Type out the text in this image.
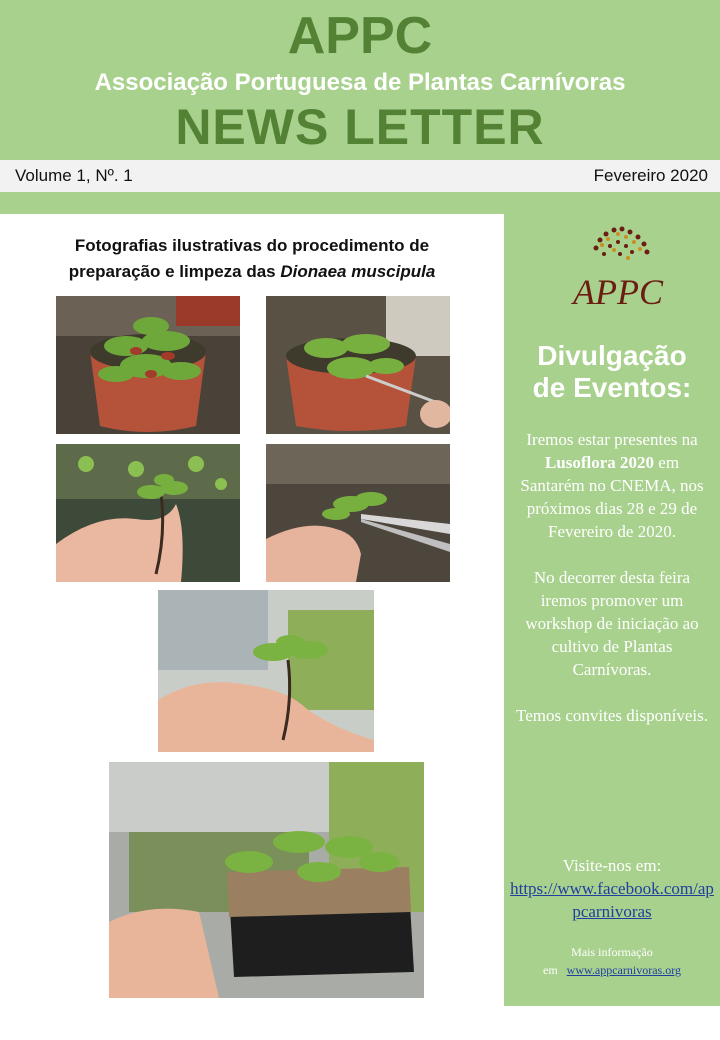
APPC
Associação Portuguesa de Plantas Carnívoras
NEWS LETTER
Volume 1, Nº. 1	Fevereiro 2020
Fotografias ilustrativas do procedimento de
preparação e limpeza das Dionaea muscipula
APPC
Divulgação
de Eventos:

Iremos estar presentes na Lusoflora 2020 em Santarém no CNEMA, nos próximos dias 28 e 29 de Fevereiro de 2020.

No decorrer desta feira iremos promover um workshop de iniciação ao cultivo de Plantas Carnívoras.

Temos convites disponíveis.

Visite-nos em:
https://www.facebook.com/appcarnivoras
Mais informação
em www.appcarnivoras.org
